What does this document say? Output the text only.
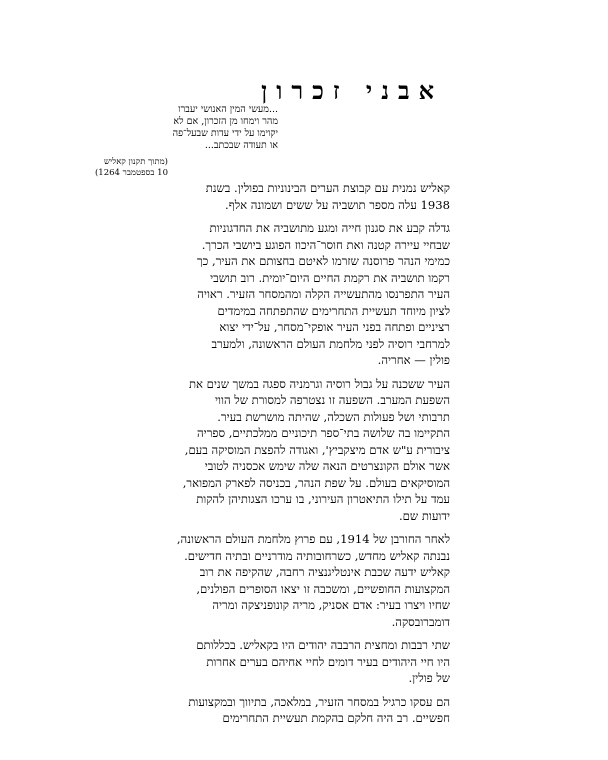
אבני זכרון
...מעשי המין האנושי יעברו
מהר וימחו מן הזכרון, אם לא
יקוימו על ידי עדות שבעל־פה
או תעודה שבכתב...
(מתוך תקנון קאליש
10 בספטמבר 1264)

קאליש נמנית עם קבוצת הערים הבינוניות בפולין. בשנת
1938 עלה מספר תושביה על ששים ושמונה אלף.

גדלה קבע את סגנון חייה ומגע מתושביה את החדגוניות
שבחיי עיירה קטנה ואת חוסר־היכוז הפוגע ביושבי הכרך.
כמימי הנהר פרוסנה שזרמו לאיטם בחצותם את העיר, כך
רקמו תושביה את רקמת החיים היום־יומית. רוב תושבי
העיר התפרנסו מהתעשייה הקלה ומהמסחר הזעיר. ראויה
לציון מיוחד תעשיית התחרימים שהתפתחה במימדים
רציניים ופתחה בפני העיר אופקי־מסחר, על־ידי יצוא
למרחבי רוסיה לפני מלחמת העולם הראשונה, ולמערב
פולין — אחריה.

העיר ששכנה על גבול רוסיה וגרמניה ספגה במשך שנים את
השפעת המערב. השפעה זו נצטרפה למסורת של הווי
תרבותי ושל פעולות השכלה, שהיתה מושרשת בעיר.
התקיימו בה שלושה בתי־ספר תיכוניים ממלכתיים, ספריה
ציבורית ע"ש אדם מיצקביץ', ואגודה להפצת המוסיקה בעם,
אשר אולם הקונצרטים הנאה שלה שימש אכסניה לטובי
המוסיקאים בעולם. על שפת הנהר, בכניסה לפארק המפואר,
עמד על תילו התיאטרון העירוני, בו ערכו הצגותיהן להקות
ידועות שם.

לאחר החורבן של 1914, עם פרוץ מלחמת העולם הראשונה,
נבנתה קאליש מחדש, כשרחובותיה מודרניים ובתיה חדישים.
קאליש ידעה שכבת אינטליגנציה רחבה, שהקיפה את רוב
המקצועות החופשיים, ומשכבה זו יצאו הסופרים הפולנים,
שחיו ויצרו בעיר: אדם אסניק, מריה קונופניצקה ומריה
דומברובסקה.

שתי רבבות ומחצית הרבבה יהודים היו בקאליש. בכללותם
היו חיי היהודים בעיר דומים לחיי אחיהם בערים אחרות
של פולין.

הם עסקו כרגיל במסחר הזעיר, במלאכה, בתיווך ובמקצועות
חפשיים. רב היה חלקם בהקמת תעשיית התחרימים
